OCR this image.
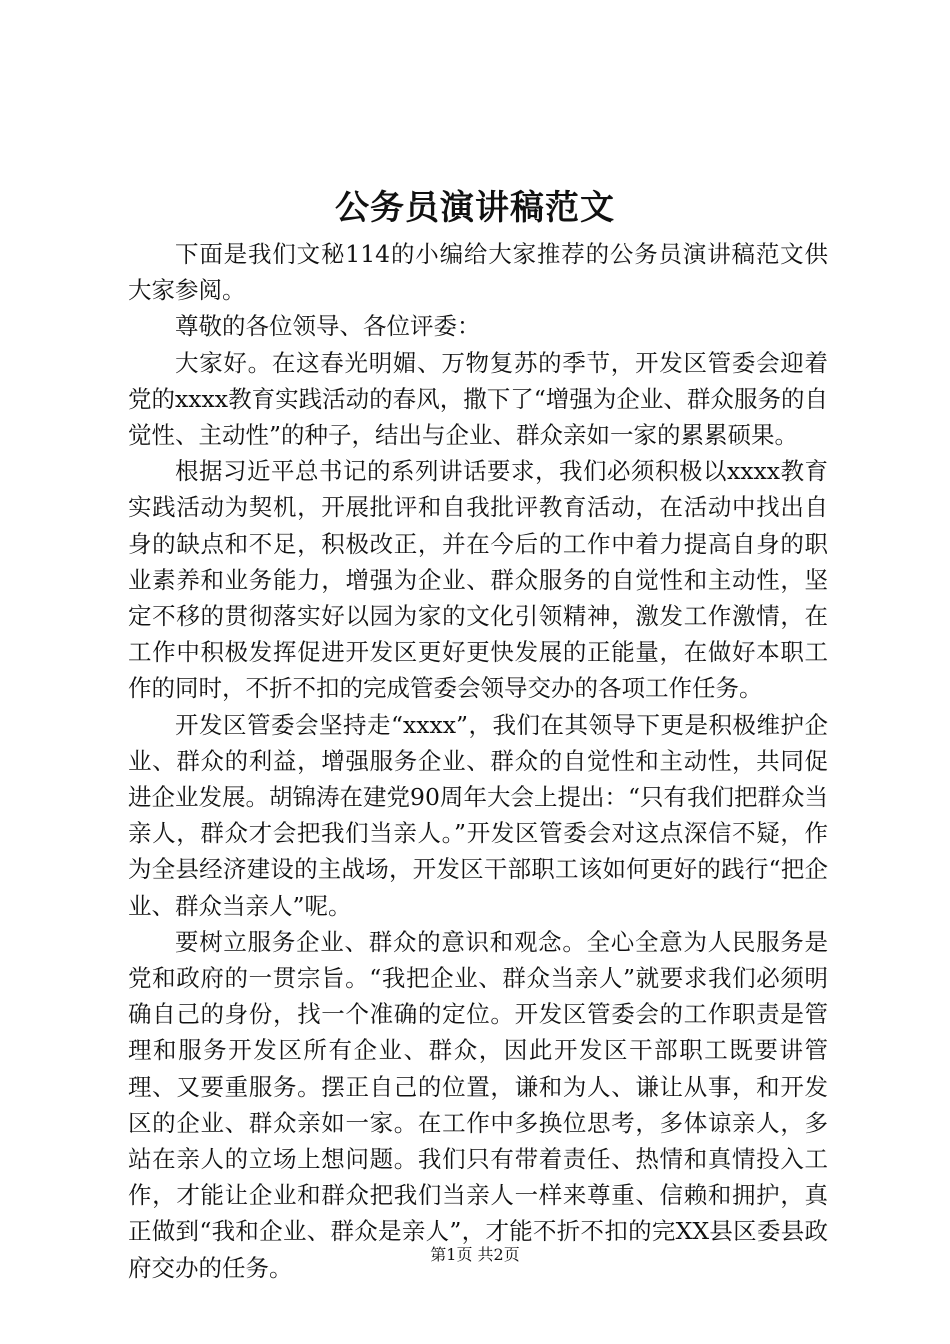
公务员演讲稿范文

下面是我们文秘114的小编给大家推荐的公务员演讲稿范文供大家参阅。

尊敬的各位领导、各位评委：

大家好。在这春光明媚、万物复苏的季节，开发区管委会迎着党的xxxx教育实践活动的春风，撒下了“增强为企业、群众服务的自觉性、主动性”的种子，结出与企业、群众亲如一家的累累硕果。

根据习近平总书记的系列讲话要求，我们必须积极以xxxx教育实践活动为契机，开展批评和自我批评教育活动，在活动中找出自身的缺点和不足，积极改正，并在今后的工作中着力提高自身的职业素养和业务能力，增强为企业、群众服务的自觉性和主动性，坚定不移的贯彻落实好以园为家的文化引领精神，激发工作激情，在工作中积极发挥促进开发区更好更快发展的正能量，在做好本职工作的同时，不折不扣的完成管委会领导交办的各项工作任务。

开发区管委会坚持走“xxxx”，我们在其领导下更是积极维护企业、群众的利益，增强服务企业、群众的自觉性和主动性，共同促进企业发展。胡锦涛在建党90周年大会上提出：“只有我们把群众当亲人，群众才会把我们当亲人。”开发区管委会对这点深信不疑，作为全县经济建设的主战场，开发区干部职工该如何更好的践行“把企业、群众当亲人”呢。

要树立服务企业、群众的意识和观念。全心全意为人民服务是党和政府的一贯宗旨。“我把企业、群众当亲人”就要求我们必须明确自己的身份，找一个准确的定位。开发区管委会的工作职责是管理和服务开发区所有企业、群众，因此开发区干部职工既要讲管理、又要重服务。摆正自己的位置，谦和为人、谦让从事，和开发区的企业、群众亲如一家。在工作中多换位思考，多体谅亲人，多站在亲人的立场上想问题。我们只有带着责任、热情和真情投入工作，才能让企业和群众把我们当亲人一样来尊重、信赖和拥护，真正做到“我和企业、群众是亲人”，才能不折不扣的完XX县区委县政府交办的任务。	第1页 共2页
